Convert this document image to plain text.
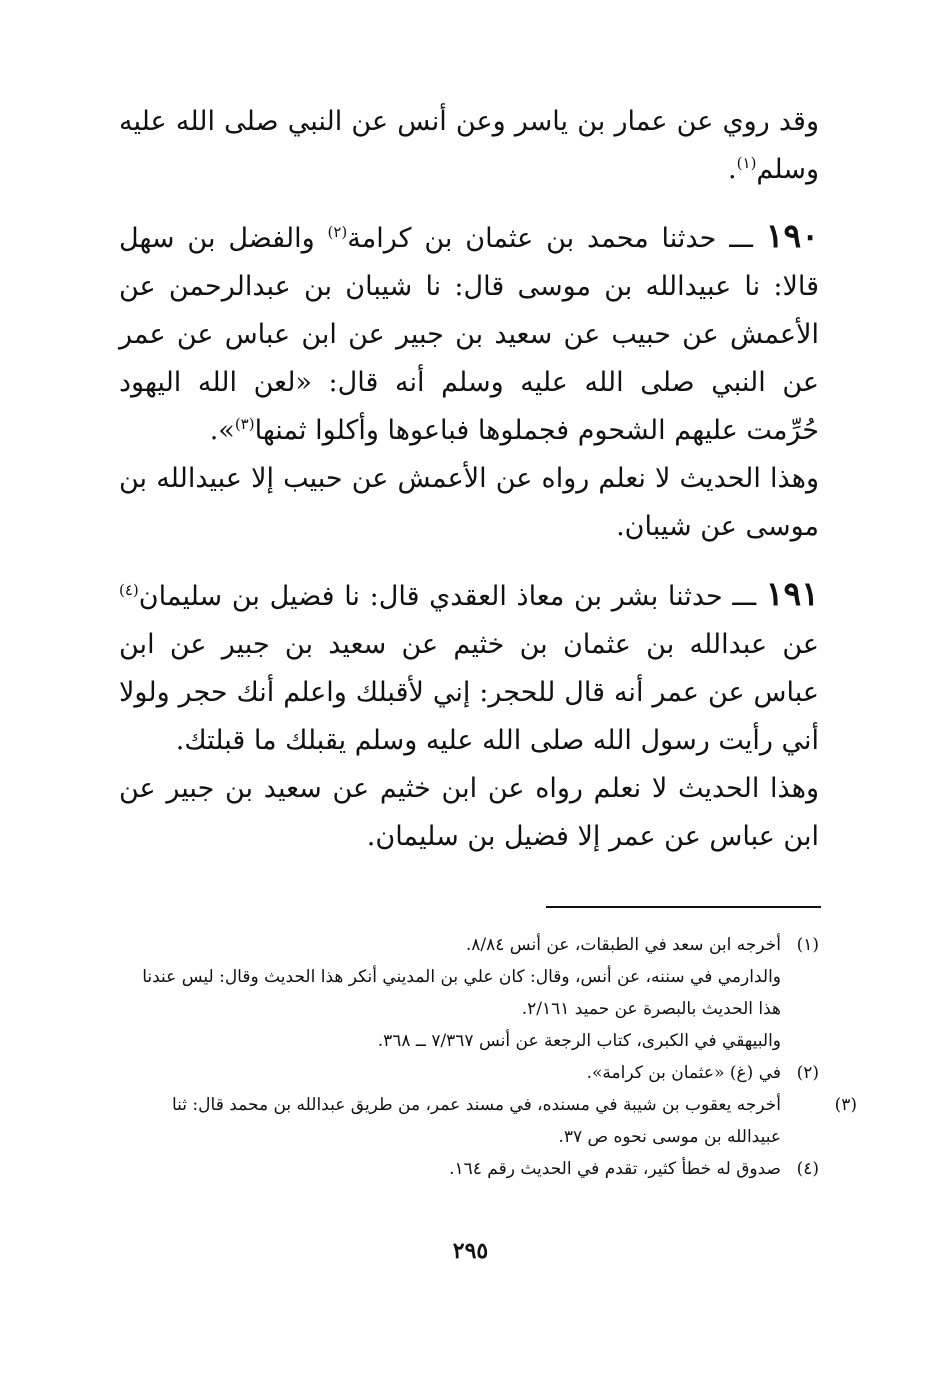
وقد روي عن عمار بن ياسر وعن أنس عن النبي صلى الله عليه وسلم$^{(١)}$.

١٩٠ ـــ حدثنا محمد بن عثمان بن كرامة$^{(٢)}$ والفضل بن سهل قالا: نا عبيدالله بن موسى قال: نا شيبان بن عبدالرحمن عن الأعمش عن حبيب عن سعيد بن جبير عن ابن عباس عن عمر عن النبي صلى الله عليه وسلم أنه قال: «لعن الله اليهود حُرِّمت عليهم الشحوم فجملوها فباعوها وأكلوا ثمنها$^{(٣)}$».

وهذا الحديث لا نعلم رواه عن الأعمش عن حبيب إلا عبيدالله بن موسى عن شيبان.

١٩١ ـــ حدثنا بشر بن معاذ العقدي قال: نا فضيل بن سليمان$^{(٤)}$ عن عبدالله بن عثمان بن خثيم عن سعيد بن جبير عن ابن عباس عن عمر أنه قال للحجر: إني لأقبلك واعلم أنك حجر ولولا أني رأيت رسول الله صلى الله عليه وسلم يقبلك ما قبلتك.

وهذا الحديث لا نعلم رواه عن ابن خثيم عن سعيد بن جبير عن ابن عباس عن عمر إلا فضيل بن سليمان.

(١)أخرجه ابن سعد في الطبقات، عن أنس ٨/٨٤.
والدارمي في سننه، عن أنس، وقال: كان علي بن المديني أنكر هذا الحديث وقال: ليس عندنا هذا الحديث بالبصرة عن حميد ٢/١٦١.
والبيهقي في الكبرى، كتاب الرجعة عن أنس ٧/٣٦٧ ــ ٣٦٨.
(٢)في (غ) «عثمان بن كرامة».
(٣)أخرجه يعقوب بن شيبة في مسنده، في مسند عمر، من طريق عبدالله بن محمد قال: ثنا عبيدالله بن موسى نحوه ص ٣٧.
(٤)صدوق له خطأ كثير، تقدم في الحديث رقم ١٦٤.
٢٩٥
